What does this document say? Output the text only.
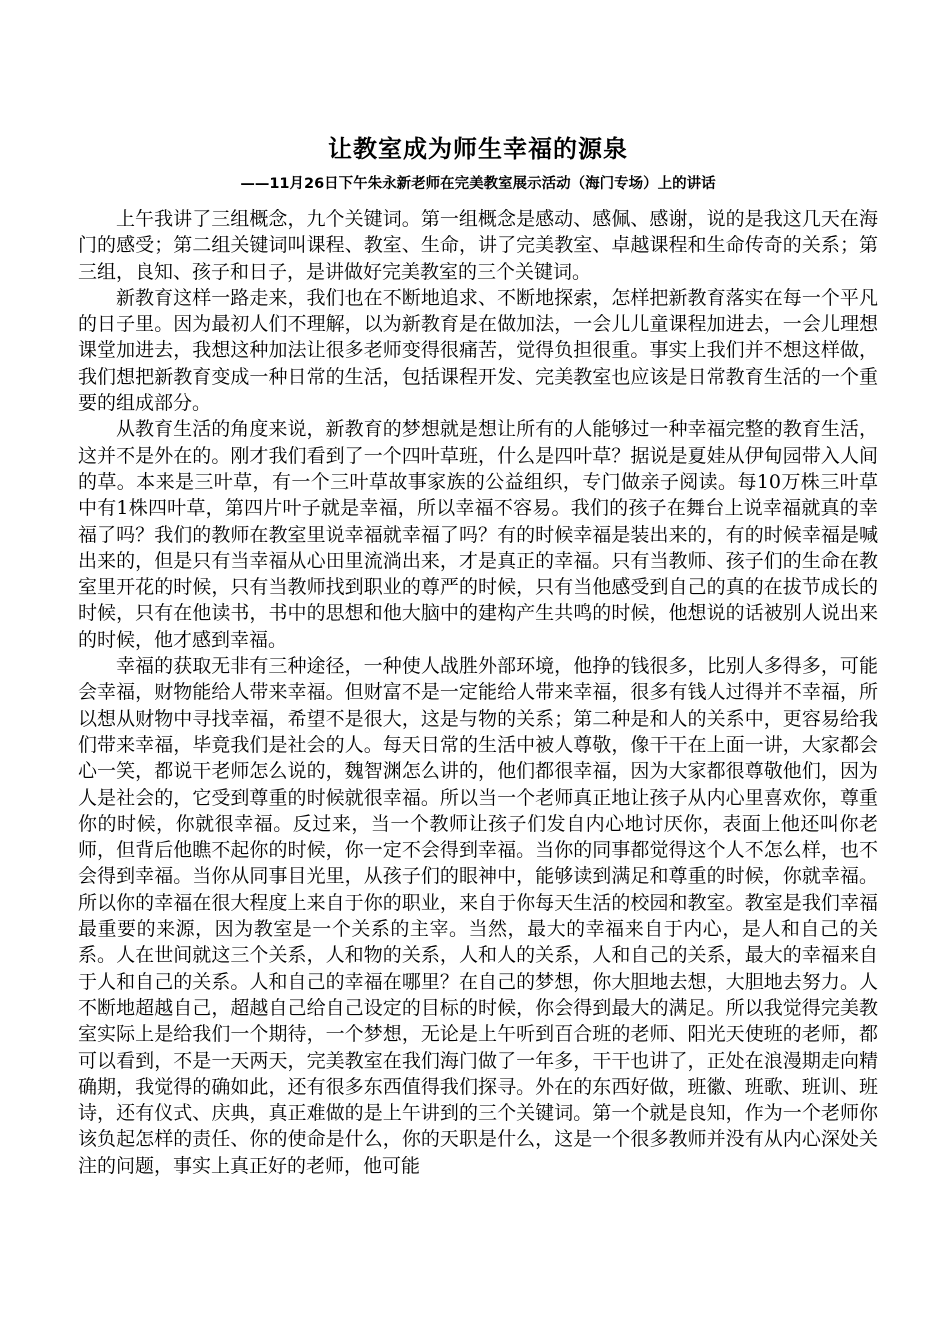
让教室成为师生幸福的源泉
——11月26日下午朱永新老师在完美教室展示活动（海门专场）上的讲话

上午我讲了三组概念，九个关键词。第一组概念是感动、感佩、感谢，说的是我这几天在海门的感受；第二组关键词叫课程、教室、生命，讲了完美教室、卓越课程和生命传奇的关系；第三组，良知、孩子和日子，是讲做好完美教室的三个关键词。

新教育这样一路走来，我们也在不断地追求、不断地探索，怎样把新教育落实在每一个平凡的日子里。因为最初人们不理解，以为新教育是在做加法，一会儿儿童课程加进去，一会儿理想课堂加进去，我想这种加法让很多老师变得很痛苦，觉得负担很重。事实上我们并不想这样做，我们想把新教育变成一种日常的生活，包括课程开发、完美教室也应该是日常教育生活的一个重要的组成部分。

从教育生活的角度来说，新教育的梦想就是想让所有的人能够过一种幸福完整的教育生活，这并不是外在的。刚才我们看到了一个四叶草班，什么是四叶草？据说是夏娃从伊甸园带入人间的草。本来是三叶草，有一个三叶草故事家族的公益组织，专门做亲子阅读。每10万株三叶草中有1株四叶草，第四片叶子就是幸福，所以幸福不容易。我们的孩子在舞台上说幸福就真的幸福了吗？我们的教师在教室里说幸福就幸福了吗？有的时候幸福是装出来的，有的时候幸福是喊出来的，但是只有当幸福从心田里流淌出来，才是真正的幸福。只有当教师、孩子们的生命在教室里开花的时候，只有当教师找到职业的尊严的时候，只有当他感受到自己的真的在拔节成长的时候，只有在他读书，书中的思想和他大脑中的建构产生共鸣的时候，他想说的话被别人说出来的时候，他才感到幸福。

幸福的获取无非有三种途径，一种使人战胜外部环境，他挣的钱很多，比别人多得多，可能会幸福，财物能给人带来幸福。但财富不是一定能给人带来幸福，很多有钱人过得并不幸福，所以想从财物中寻找幸福，希望不是很大，这是与物的关系；第二种是和人的关系中，更容易给我们带来幸福，毕竟我们是社会的人。每天日常的生活中被人尊敬，像干干在上面一讲，大家都会心一笑，都说干老师怎么说的，魏智渊怎么讲的，他们都很幸福，因为大家都很尊敬他们，因为人是社会的，它受到尊重的时候就很幸福。所以当一个老师真正地让孩子从内心里喜欢你，尊重你的时候，你就很幸福。反过来，当一个教师让孩子们发自内心地讨厌你，表面上他还叫你老师，但背后他瞧不起你的时候，你一定不会得到幸福。当你的同事都觉得这个人不怎么样，也不会得到幸福。当你从同事目光里，从孩子们的眼神中，能够读到满足和尊重的时候，你就幸福。所以你的幸福在很大程度上来自于你的职业，来自于你每天生活的校园和教室。教室是我们幸福最重要的来源，因为教室是一个关系的主宰。当然，最大的幸福来自于内心，是人和自己的关系。人在世间就这三个关系，人和物的关系，人和人的关系，人和自己的关系，最大的幸福来自于人和自己的关系。人和自己的幸福在哪里？在自己的梦想，你大胆地去想，大胆地去努力。人不断地超越自己，超越自己给自己设定的目标的时候，你会得到最大的满足。所以我觉得完美教室实际上是给我们一个期待，一个梦想，无论是上午听到百合班的老师、阳光天使班的老师，都可以看到，不是一天两天，完美教室在我们海门做了一年多，干干也讲了，正处在浪漫期走向精确期，我觉得的确如此，还有很多东西值得我们探寻。外在的东西好做，班徽、班歌、班训、班诗，还有仪式、庆典，真正难做的是上午讲到的三个关键词。第一个就是良知，作为一个老师你该负起怎样的责任、你的使命是什么，你的天职是什么，这是一个很多教师并没有从内心深处关注的问题，事实上真正好的老师，他可能
